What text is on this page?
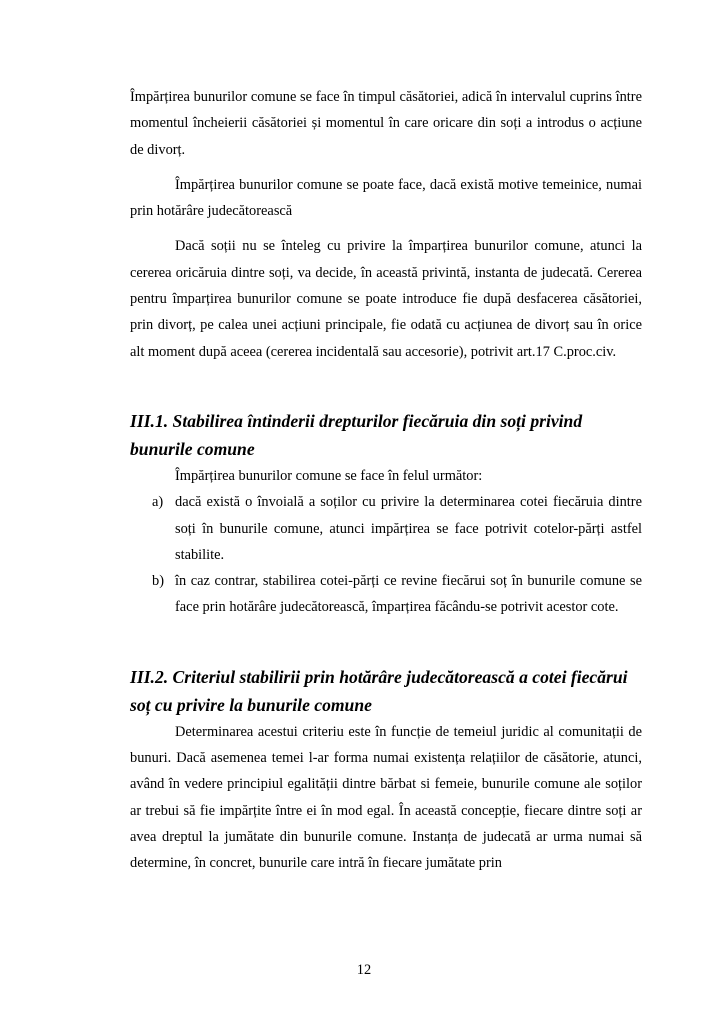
Împărțirea bunurilor comune se face în timpul căsătoriei, adică în intervalul cuprins între momentul încheierii căsătoriei și momentul în care oricare din soți a introdus o acțiune de divorț.

Împărțirea bunurilor comune se poate face, dacă există motive temeinice, numai prin hotărâre judecătorească

Dacă soții nu se înteleg cu privire la împarțirea bunurilor comune, atunci la cererea oricăruia dintre soți, va decide, în această privintă, instanta de judecată. Cererea pentru împarțirea bunurilor comune se poate introduce fie după desfacerea căsătoriei, prin divorț, pe calea unei acțiuni principale, fie odată cu acțiunea de divorț sau în orice alt moment după aceea (cererea incidentală sau accesorie), potrivit art.17 C.proc.civ.

III.1. Stabilirea întinderii drepturilor fiecăruia din soți privind bunurile comune

Împărțirea bunurilor comune se face în felul următor:

a) dacă există o învoială a soților cu privire la determinarea cotei fiecăruia dintre soți în bunurile comune, atunci impărțirea se face potrivit cotelor-părți astfel stabilite.
b) în caz contrar, stabilirea cotei-părți ce revine fiecărui soț în bunurile comune se face prin hotărâre judecătorească, împarțirea făcându-se potrivit acestor cote.
III.2. Criteriul stabilirii prin hotărâre judecătorească a cotei fiecărui soț cu privire la bunurile comune

Determinarea acestui criteriu este în funcție de temeiul juridic al comunitații de bunuri. Dacă asemenea temei l-ar forma numai existența relațiilor de căsătorie, atunci, având în vedere principiul egalității dintre bărbat si femeie, bunurile comune ale soților ar trebui să fie impărțite între ei în mod egal. În această concepție, fiecare dintre soți ar avea dreptul la jumătate din bunurile comune. Instanța de judecată ar urma numai să determine, în concret, bunurile care intră în fiecare jumătate prin

12
